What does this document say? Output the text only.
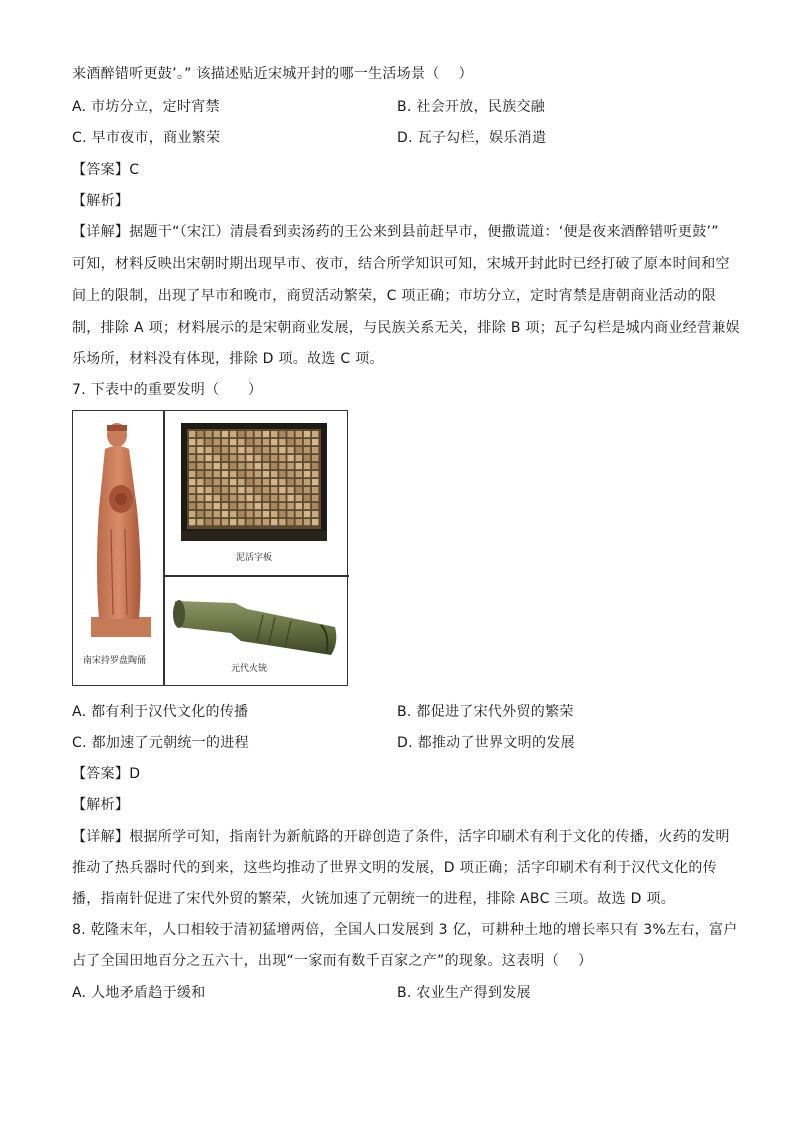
来酒醉错听更鼓’。” 该描述贴近宋城开封的哪一生活场景（　 ）
A. 市坊分立，定时宵禁	B. 社会开放，民族交融
C. 早市夜市，商业繁荣	D. 瓦子勾栏，娱乐消遣
【答案】C
【解析】
【详解】据题干“（宋江）清晨看到卖汤药的王公来到县前赶早市，便撒谎道：‘便是夜来酒醉错听更鼓’”
可知，材料反映出宋朝时期出现早市、夜市，结合所学知识可知，宋城开封此时已经打破了原本时间和空
间上的限制，出现了早市和晚市，商贸活动繁荣，C 项正确；市坊分立，定时宵禁是唐朝商业活动的限
制，排除 A 项；材料展示的是宋朝商业发展，与民族关系无关，排除 B 项；瓦子勾栏是城内商业经营兼娱
乐场所，材料没有体现，排除 D 项。故选 C 项。
7. 下表中的重要发明（　　）
南宋持罗盘陶俑
泥活字板
元代火铳
A. 都有利于汉代文化的传播	B. 都促进了宋代外贸的繁荣
C. 都加速了元朝统一的进程	D. 都推动了世界文明的发展
【答案】D
【解析】
【详解】根据所学可知，指南针为新航路的开辟创造了条件，活字印刷术有利于文化的传播，火药的发明
推动了热兵器时代的到来，这些均推动了世界文明的发展，D 项正确；活字印刷术有利于汉代文化的传
播，指南针促进了宋代外贸的繁荣，火铳加速了元朝统一的进程，排除 ABC 三项。故选 D 项。
8. 乾隆末年，人口相较于清初猛增两倍，全国人口发展到 3 亿，可耕种土地的增长率只有 3%左右，富户
占了全国田地百分之五六十，出现“一家而有数千百家之产”的现象。这表明（　 ）
A. 人地矛盾趋于缓和	B. 农业生产得到发展
